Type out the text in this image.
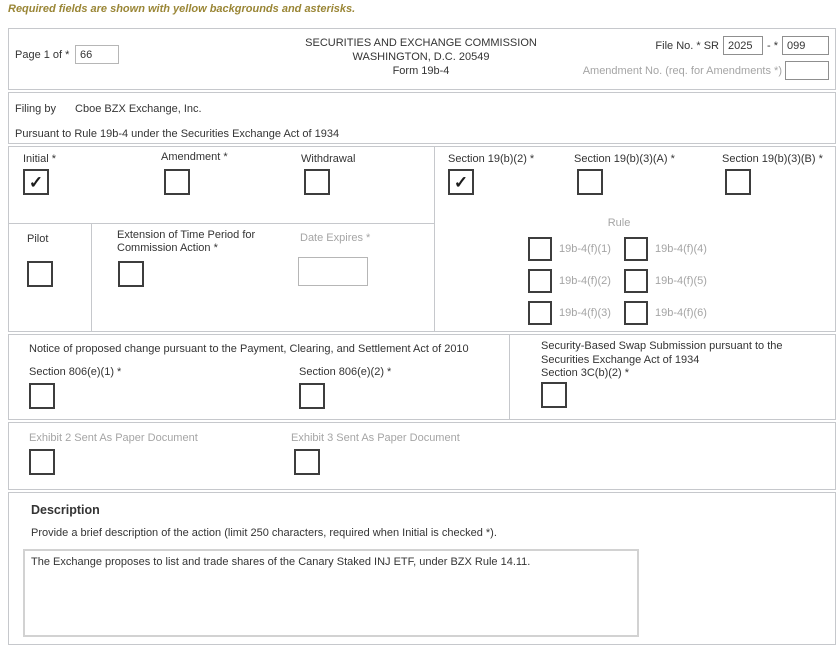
Required fields are shown with yellow backgrounds and asterisks.
Page 1 of *
66
SECURITIES AND EXCHANGE COMMISSION
WASHINGTON, D.C. 20549
Form 19b-4
File No. * SR
2025	- *
099
Amendment No. (req. for Amendments *)
Filing by Cboe BZX Exchange, Inc.
Pursuant to Rule 19b-4 under the Securities Exchange Act of 1934
Initial *
✓
Amendment *	Withdrawal	Section 19(b)(2) *
✓
Section 19(b)(3)(A) *	Section 19(b)(3)(B) *
Pilot	Extension of Time Period for Commission Action *
Date Expires *
Rule
19b-4(f)(1)
19b-4(f)(2)
19b-4(f)(3)
19b-4(f)(4)
19b-4(f)(5)
19b-4(f)(6)
Notice of proposed change pursuant to the Payment, Clearing, and Settlement Act of 2010
Section 806(e)(1) *	Section 806(e)(2) *
Security-Based Swap Submission pursuant to the
Securities Exchange Act of 1934
Section 3C(b)(2) *
Exhibit 2 Sent As Paper Document	Exhibit 3 Sent As Paper Document
Description
Provide a brief description of the action (limit 250 characters, required when Initial is checked *).
The Exchange proposes to list and trade shares of the Canary Staked INJ ETF, under BZX Rule 14.11.
